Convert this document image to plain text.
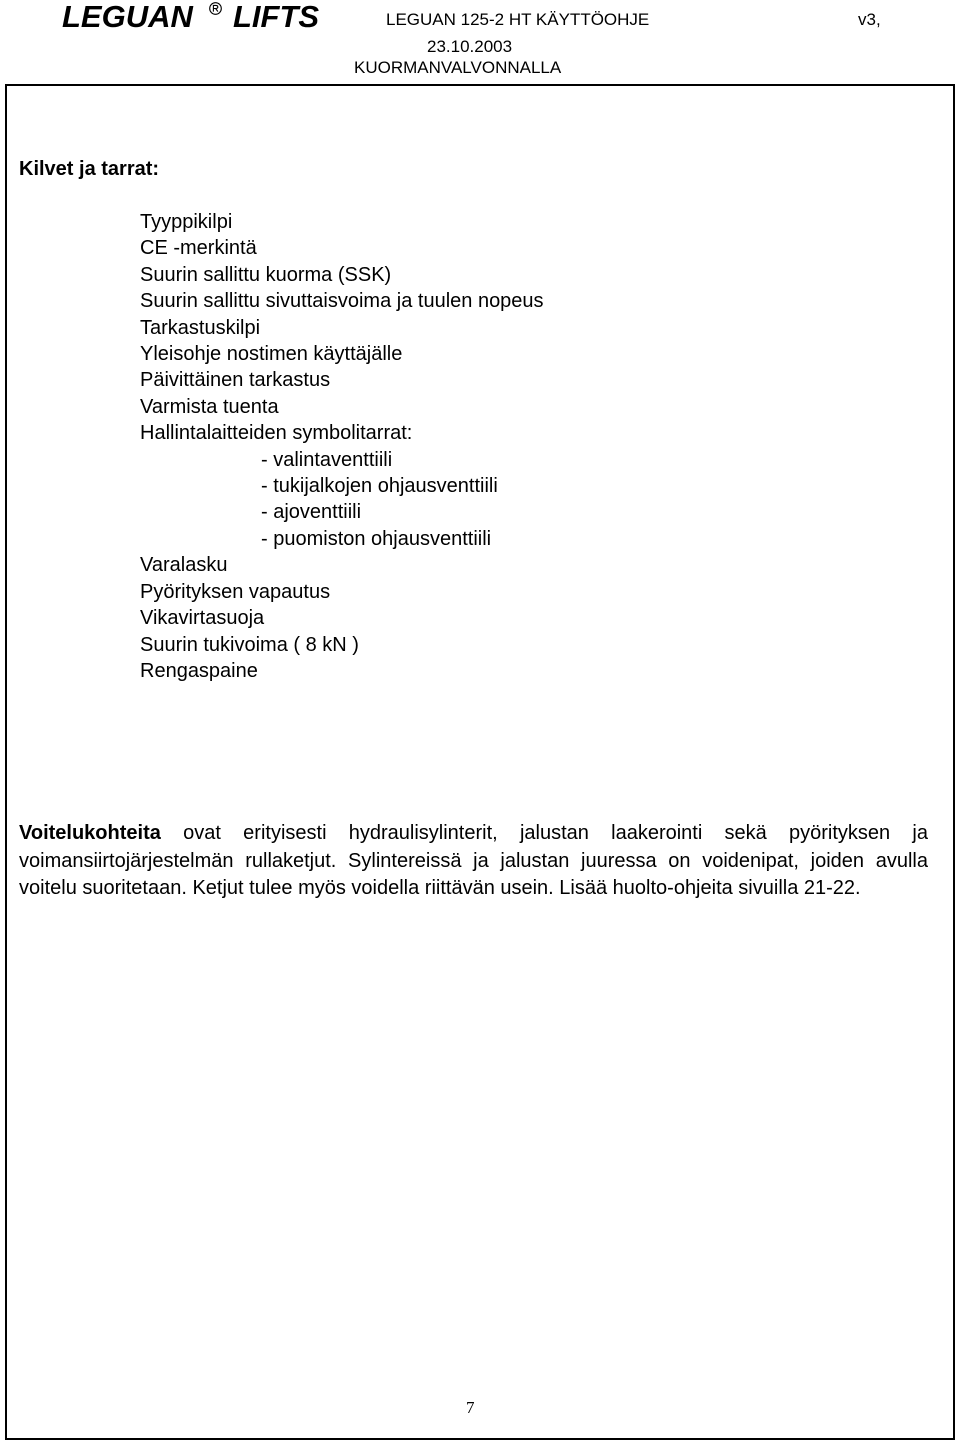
LEGUAN LIFTS	LEGUAN 125-2 HT KÄYTTÖOHJE	v3,
23.10.2003
KUORMANVALVONNALLA
Kilvet ja tarrat:
Tyyppikilpi
CE -merkintä
Suurin sallittu kuorma (SSK)
Suurin sallittu sivuttaisvoima ja tuulen nopeus
Tarkastuskilpi
Yleisohje nostimen käyttäjälle
Päivittäinen tarkastus
Varmista tuenta
Hallintalaitteiden symbolitarrat:
- valintaventtiili
- tukijalkojen ohjausventtiili
- ajoventtiili
- puomiston ohjausventtiili
Varalasku
Pyörityksen vapautus
Vikavirtasuoja
Suurin tukivoima ( 8 kN )
Rengaspaine

Voitelukohteita ovat erityisesti hydraulisylinterit, jalustan laakerointi sekä pyörityksen ja voimansiirtojärjestelmän rullaketjut. Sylintereissä ja jalustan juuressa on voidenipat, joiden avulla voitelu suoritetaan. Ketjut tulee myös voidella riittävän usein. Lisää huolto-ohjeita sivuilla 21-22.

7
